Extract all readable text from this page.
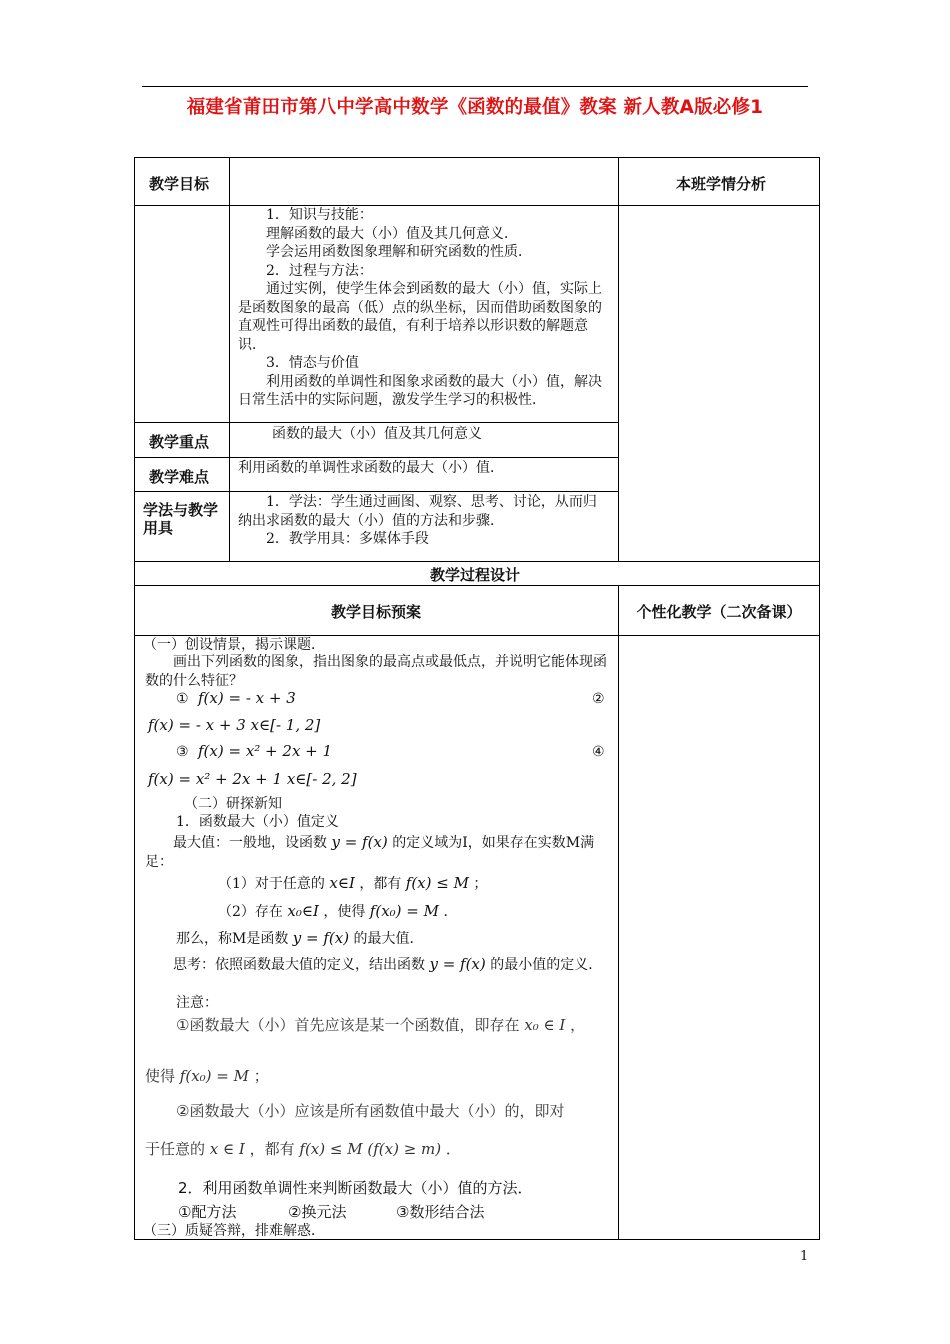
福建省莆田市第八中学高中数学《函数的最值》教案 新人教A版必修1
教学目标	本班学情分析

1．知识与技能：

理解函数的最大（小）值及其几何意义．

学会运用函数图象理解和研究函数的性质．

2．过程与方法：

通过实例，使学生体会到函数的最大（小）值，实际上是函数图象的最高（低）点的纵坐标，因而借助函数图象的直观性可得出函数的最值，有利于培养以形识数的解题意识．

3．情态与价值

利用函数的单调性和图象求函数的最大（小）值，解决日常生活中的实际问题，激发学生学习的积极性．

教学重点	函数的最大（小）值及其几何意义
教学难点 利用函数的单调性求函数的最大（小）值．
学法与教学用具

1．学法：学生通过画图、观察、思考、讨论，从而归纳出求函数的最大（小）值的方法和步骤．

2．教学用具：多媒体手段

教学过程设计
教学目标预案	个性化教学（二次备课）
（一）创设情景，揭示课题．
画出下列函数的图象，指出图象的最高点或最低点，并说明它能体现函数的什么特征？
① f(x) = - x + 3	②
f(x) = - x + 3 x∈[- 1, 2]
③ f(x) = x² + 2x + 1	④
f(x) = x² + 2x + 1 x∈[- 2, 2]
（二）研探新知
1．函数最大（小）值定义
最大值：一般地，设函数 y = f(x) 的定义域为I，如果存在实数M满足：
（1）对于任意的 x∈I ，都有 f(x) ≤ M ；
（2）存在 x₀∈I ，使得 f(x₀) = M ．
那么，称M是函数 y = f(x) 的最大值．
思考：依照函数最大值的定义，结出函数 y = f(x) 的最小值的定义．
注意：
①函数最大（小）首先应该是某一个函数值，即存在 x₀ ∈ I ，
使得 f(x₀) = M ；
②函数最大（小）应该是所有函数值中最大（小）的，即对
于任意的 x ∈ I ，都有 f(x) ≤ M (f(x) ≥ m) ．
2．利用函数单调性来判断函数最大（小）值的方法．
①配方法	②换元法	③数形结合法
（三）质疑答辩，排难解惑．
1
